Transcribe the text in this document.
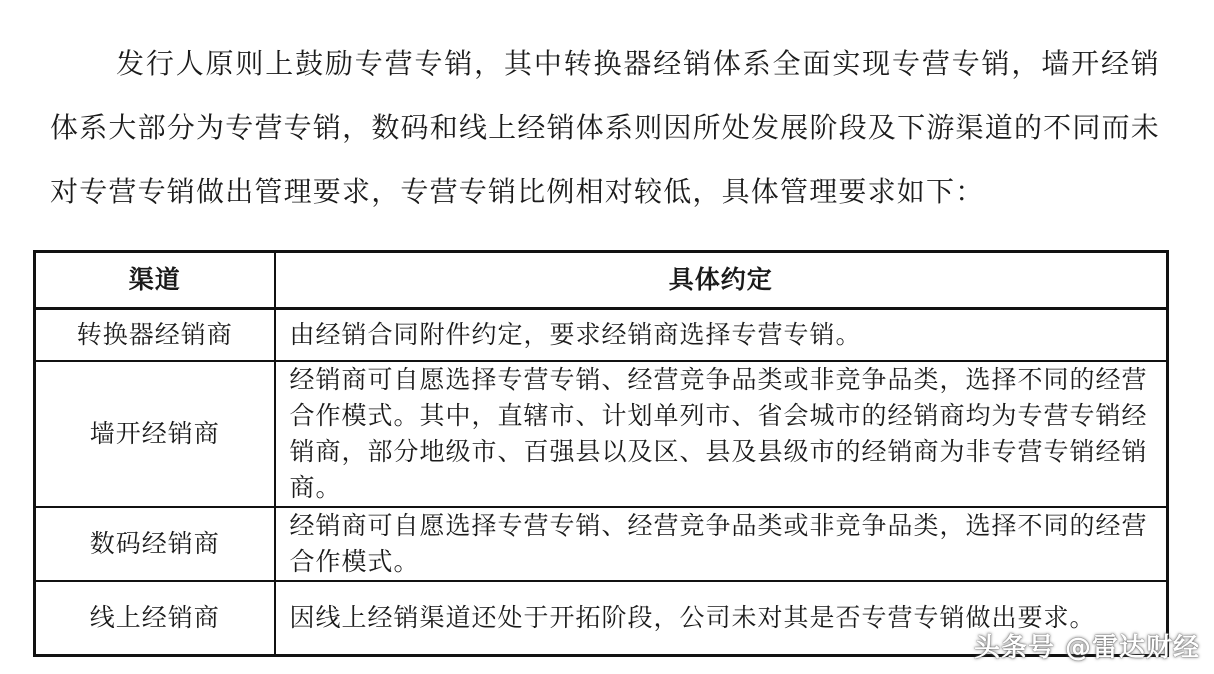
发行人原则上鼓励专营专销，其中转换器经销体系全面实现专营专销，墙开经销体系大部分为专营专销，数码和线上经销体系则因所处发展阶段及下游渠道的不同而未对专营专销做出管理要求，专营专销比例相对较低，具体管理要求如下：

渠道	具体约定
转换器经销商	由经销合同附件约定，要求经销商选择专营专销。
墙开经销商	经销商可自愿选择专营专销、经营竞争品类或非竞争品类，选择不同的经营合作模式。其中，直辖市、计划单列市、省会城市的经销商均为专营专销经销商，部分地级市、百强县以及区、县及县级市的经销商为非专营专销经销商。
数码经销商	经销商可自愿选择专营专销、经营竞争品类或非竞争品类，选择不同的经营合作模式。
线上经销商	因线上经销渠道还处于开拓阶段，公司未对其是否专营专销做出要求。
头条号 @雷达财经
